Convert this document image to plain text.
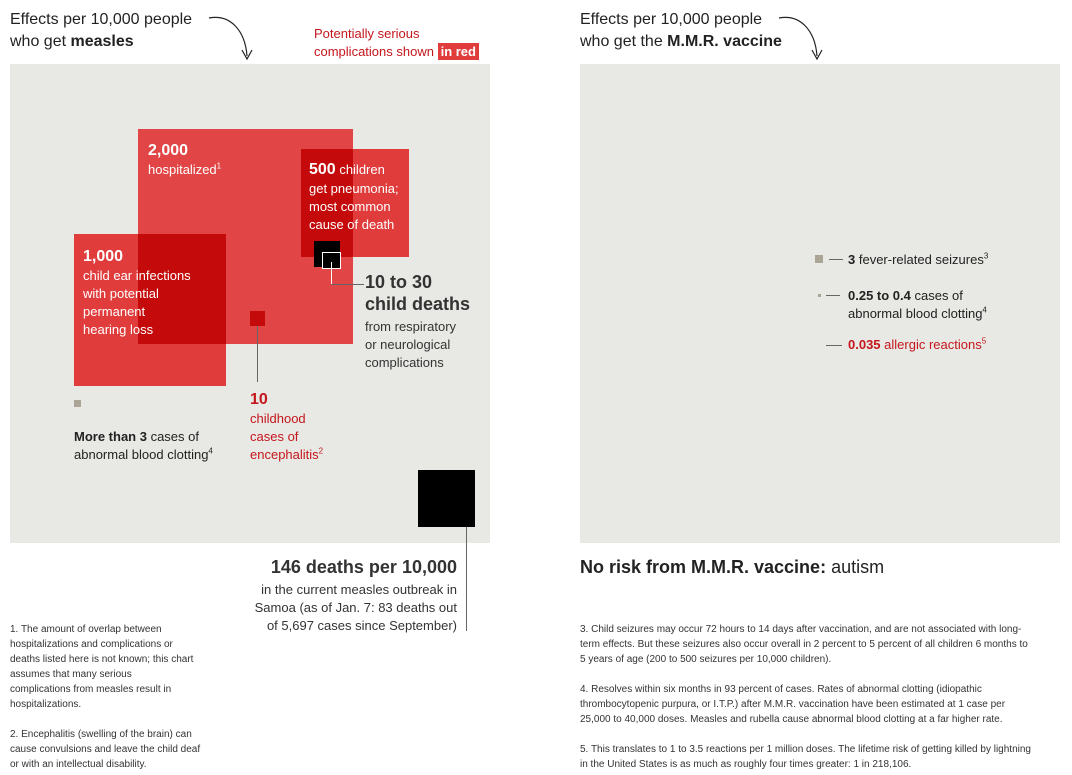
Effects per 10,000 people
who get measles	Potentially serious
complications shown in red
2,000
hospitalized$^1$	500 children
get pneumonia;
most common
cause of death
1,000
child ear infections
with potential
permanent
hearing loss
10 to 30
child deaths
from respiratory
or neurological
complications
More than 3 cases of
abnormal blood clotting$^4$
10
childhood
cases of
encephalitis$^2$
146 deaths per 10,000
in the current measles outbreak in
Samoa (as of Jan. 7: 83 deaths out
of 5,697 cases since September)
1. The amount of overlap between hospitalizations and complications or deaths listed here is not known; this chart assumes that many serious complications from measles result in hospitalizations.
2. Encephalitis (swelling of the brain) can cause convulsions and leave the child deaf or with an intellectual disability.
Effects per 10,000 people
who get the M.M.R. vaccine
3 fever-related seizures$^3$
0.25 to 0.4 cases of
abnormal blood clotting$^4$
0.035 allergic reactions$^5$
No risk from M.M.R. vaccine: autism
3. Child seizures may occur 72 hours to 14 days after vaccination, and are not associated with long-term effects. But these seizures also occur overall in 2 percent to 5 percent of all children 6 months to 5 years of age (200 to 500 seizures per 10,000 children).
4. Resolves within six months in 93 percent of cases. Rates of abnormal clotting (idiopathic thrombocytopenic purpura, or I.T.P.) after M.M.R. vaccination have been estimated at 1 case per 25,000 to 40,000 doses. Measles and rubella cause abnormal blood clotting at a far higher rate.
5. This translates to 1 to 3.5 reactions per 1 million doses. The lifetime risk of getting killed by lightning in the United States is as much as roughly four times greater: 1 in 218,106.
